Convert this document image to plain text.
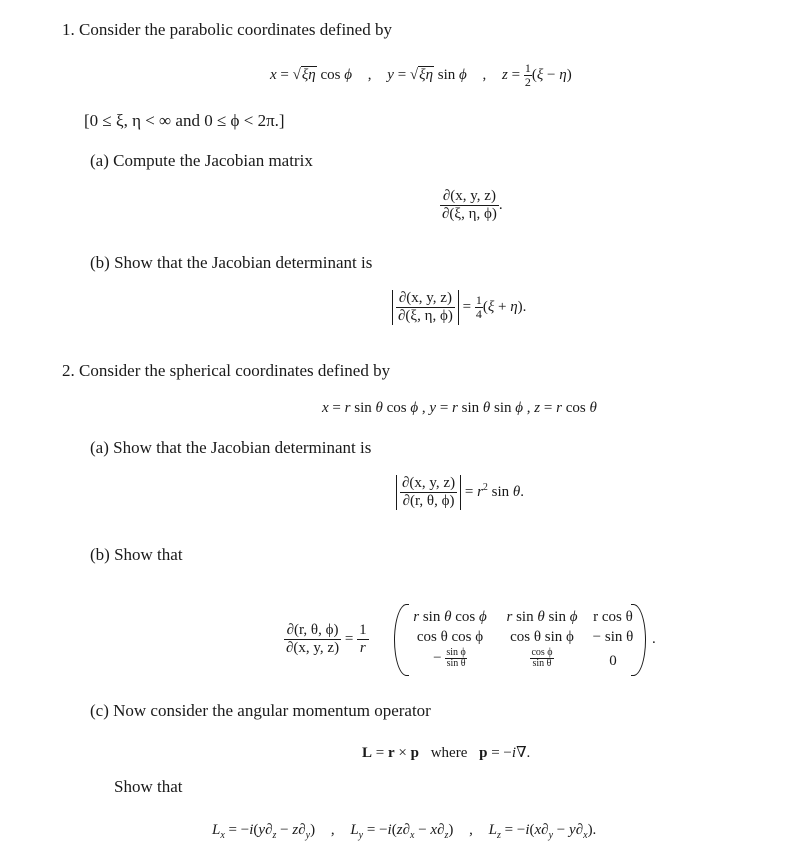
1. Consider the parabolic coordinates defined by
x = √ξη cos ϕ , y = √ξη sin ϕ , $z = \frac{1}{2} (\xi - \eta)$
[0 ≤ ξ, η < ∞ and 0 ≤ ϕ < 2π.]
(a) Compute the Jacobian matrix
$\frac{\partial(x, y, z)}{\partial(\xi, \eta, \phi)}$ .
(b) Show that the Jacobian determinant is
$\frac{\partial(x, y, z)}{\partial(\xi, \eta, \phi)} = \frac{1}{4} (\xi + \eta)$.
2. Consider the spherical coordinates defined by
x = r sin θ cos ϕ , y = r sin θ sin ϕ , z = r cos θ
(a) Show that the Jacobian determinant is
$\frac{\partial(x, y, z)}{\partial(r, \theta, \phi)} = r^2$ sin θ.
(b) Show that
$\frac{\partial(r, \theta, \phi)}{\partial(x, y, z)} = \frac{1}{r}$
r sin θ cos ϕ	r sin θ sin ϕ	r cos θ
cos θ cos ϕ	cos θ sin ϕ	− sin θ
− $\frac{\text{sin ϕ}}{\text{sin θ}}$	$\frac{\text{cos ϕ}}{\text{sin θ}}$	0
.
(c) Now consider the angular momentum operator
L = r × p where p = −i∇.
Show that
$L_x = -i(y\partial_z - z\partial_y)$ , $L_y = -i(z\partial_x - x\partial_z)$ , $L_z = -i(x\partial_y - y\partial_x)$.
